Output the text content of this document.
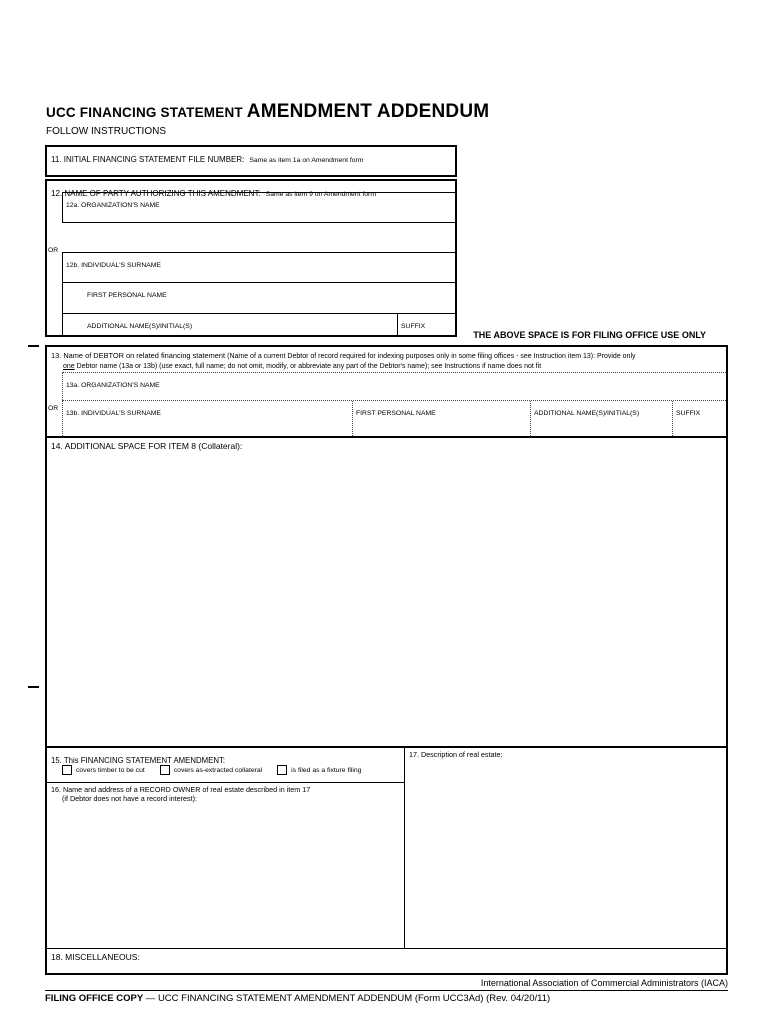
UCC FINANCING STATEMENT AMENDMENT ADDENDUM
FOLLOW INSTRUCTIONS
11. INITIAL FINANCING STATEMENT FILE NUMBER: Same as item 1a on Amendment form
12. NAME OF PARTY AUTHORIZING THIS AMENDMENT: Same as item 9 on Amendment form
12a. ORGANIZATION'S NAME
OR
12b. INDIVIDUAL'S SURNAME
FIRST PERSONAL NAME
ADDITIONAL NAME(S)/INITIAL(S)	SUFFIX
THE ABOVE SPACE IS FOR FILING OFFICE USE ONLY
13. Name of DEBTOR on related financing statement (Name of a current Debtor of record required for indexing purposes only in some filing offices - see Instruction item 13): Provide only
one Debtor name (13a or 13b) (use exact, full name; do not omit, modify, or abbreviate any part of the Debtor's name); see Instructions if name does not fit
13a. ORGANIZATION'S NAME
OR
13b. INDIVIDUAL'S SURNAME	FIRST PERSONAL NAME	ADDITIONAL NAME(S)/INITIAL(S)	SUFFIX
14. ADDITIONAL SPACE FOR ITEM 8 (Collateral):
15. This FINANCING STATEMENT AMENDMENT:
covers timber to be cut	covers as-extracted collateral	is filed as a fixture filing
16. Name and address of a RECORD OWNER of real estate described in item 17
(if Debtor does not have a record interest):
17. Description of real estate:
18. MISCELLANEOUS:
International Association of Commercial Administrators (IACA)
FILING OFFICE COPY — UCC FINANCING STATEMENT AMENDMENT ADDENDUM (Form UCC3Ad) (Rev. 04/20/11)
